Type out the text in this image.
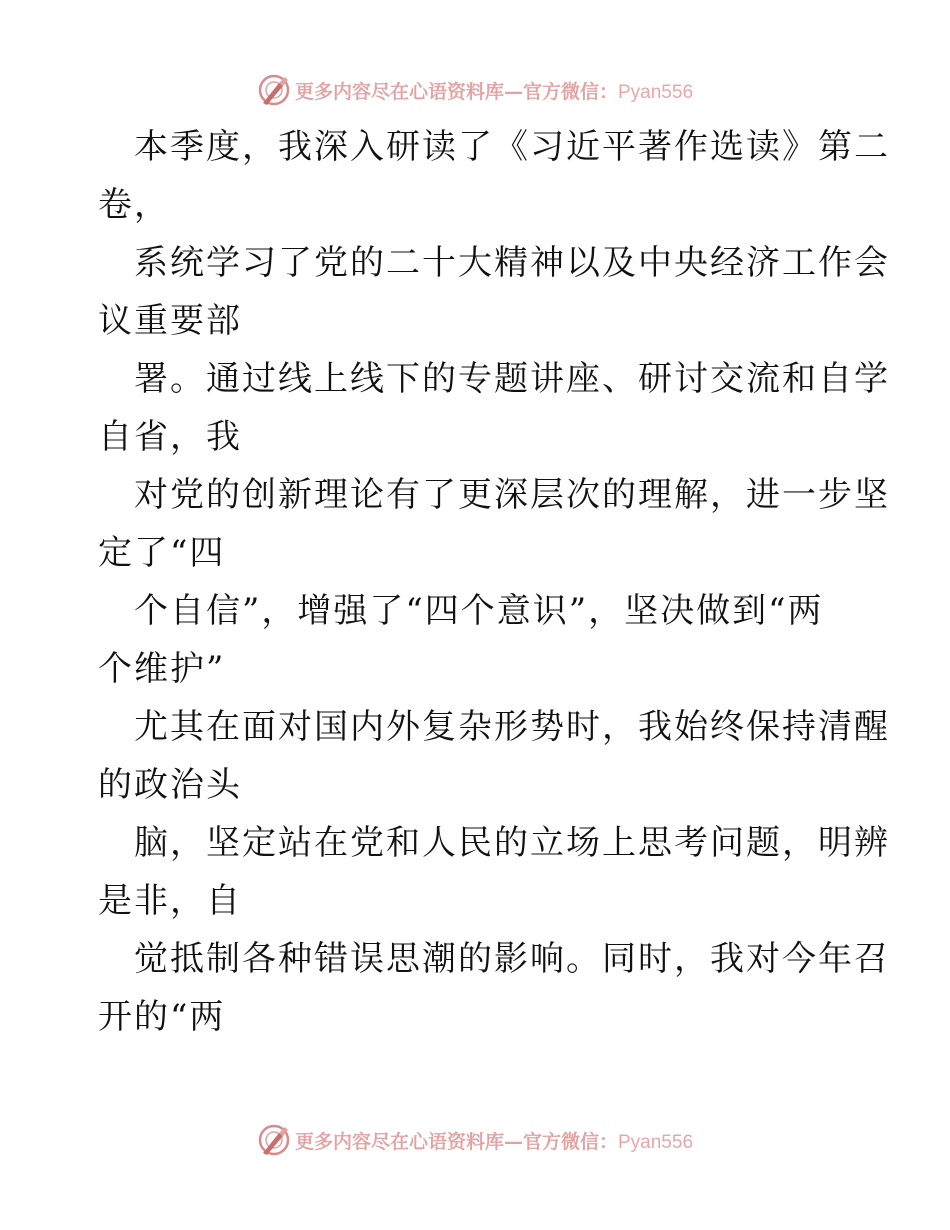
更多内容尽在心语资料库—官方微信：Pyan556
本季度，我深入研读了《习近平著作选读》第二
卷，
系统学习了党的二十大精神以及中央经济工作会
议重要部
署。通过线上线下的专题讲座、研讨交流和自学
自省，我
对党的创新理论有了更深层次的理解，进一步坚
定了“四
个自信”，增强了“四个意识”，坚决做到“两
个维护”
尤其在面对国内外复杂形势时，我始终保持清醒
的政治头
脑，坚定站在党和人民的立场上思考问题，明辨
是非，自
觉抵制各种错误思潮的影响。同时，我对今年召
开的“两
更多内容尽在心语资料库—官方微信：Pyan556
